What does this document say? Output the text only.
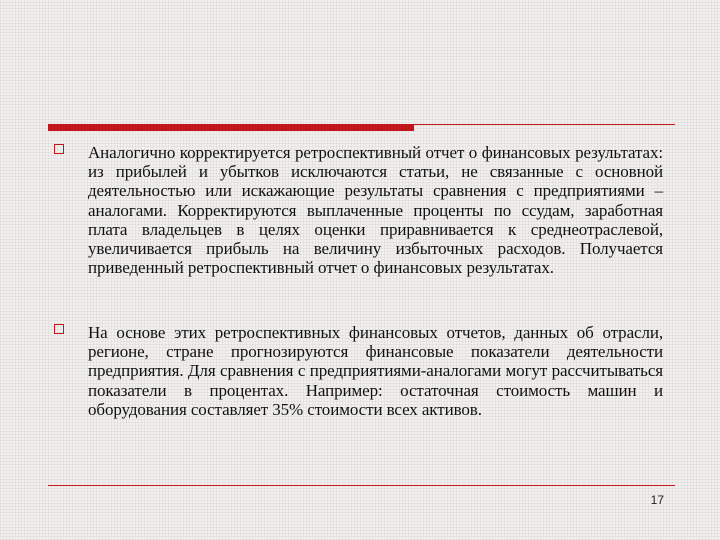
Аналогично корректируется ретроспективный отчет о финансовых результатах: из прибылей и убытков исключаются статьи, не связанные с основной деятельностью или искажающие результаты сравнения с предприятиями – аналогами. Корректируются выплаченные проценты по ссудам, заработная плата владельцев в целях оценки приравнивается к среднеотраслевой, увеличивается прибыль на величину избыточных расходов. Получается приведенный ретроспективный отчет о финансовых результатах.
На основе этих ретроспективных финансовых отчетов, данных об отрасли, регионе, стране прогнозируются финансовые показатели деятельности предприятия. Для сравнения с предприятиями-аналогами могут рассчитываться показатели в процентах. Например: остаточная стоимость машин и оборудования составляет 35% стоимости всех активов.
17
